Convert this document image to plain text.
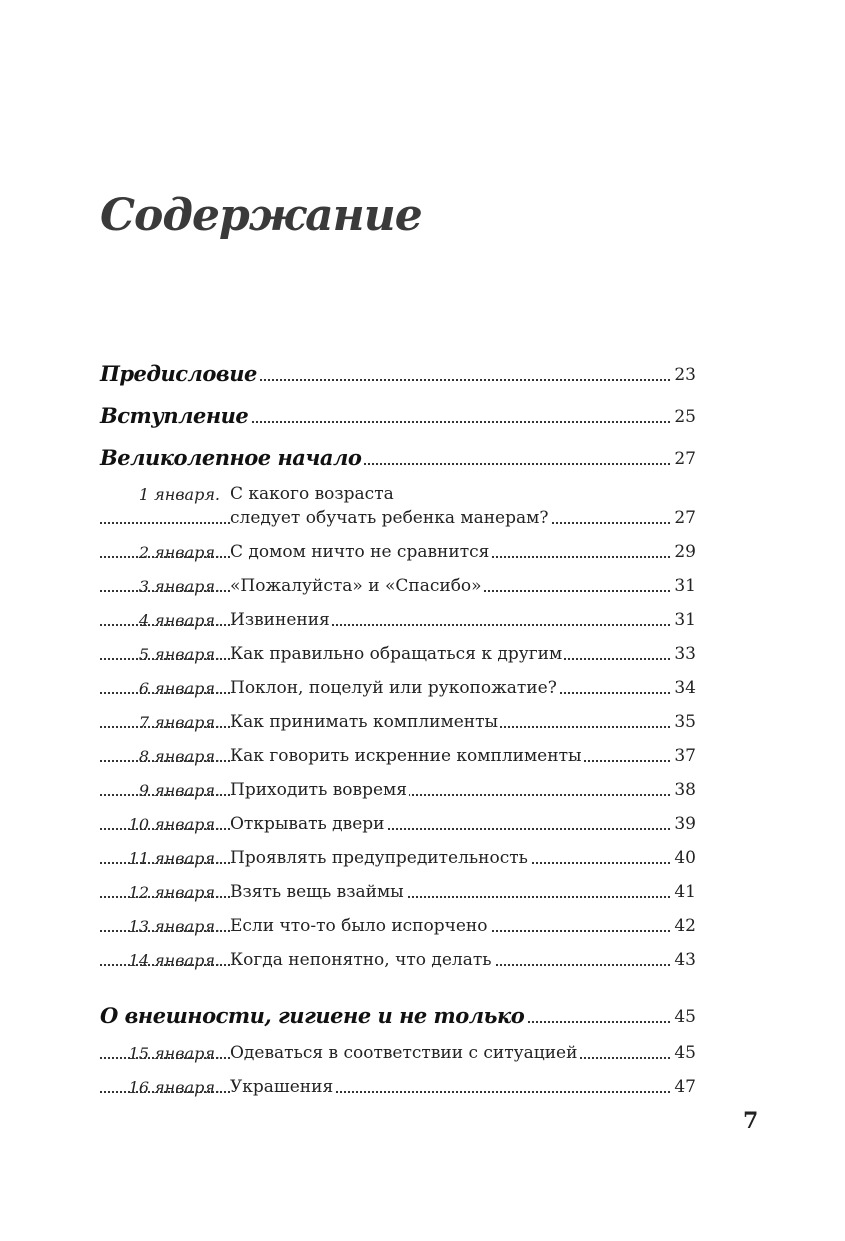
Содержание
Предисловие	23
Вступление	25
Великолепное начало	27
1 января. С какого возраста
следует обучать ребенка манерам?	27
2 января. С домом ничто не сравнится	29
3 января. «Пожалуйста» и «Спасибо»	31
4 января. Извинения	31
5 января. Как правильно обращаться к другим	33
6 января. Поклон, поцелуй или рукопожатие?	34
7 января. Как принимать комплименты	35
8 января. Как говорить искренние комплименты	37
9 января. Приходить вовремя	38
10 января. Открывать двери	39
11 января. Проявлять предупредительность	40
12 января. Взять вещь взаймы	41
13 января. Если что-то было испорчено	42
14 января. Когда непонятно, что делать	43
О внешности, гигиене и не только	45
15 января. Одеваться в соответствии с ситуацией	45
16 января. Украшения	47
7
